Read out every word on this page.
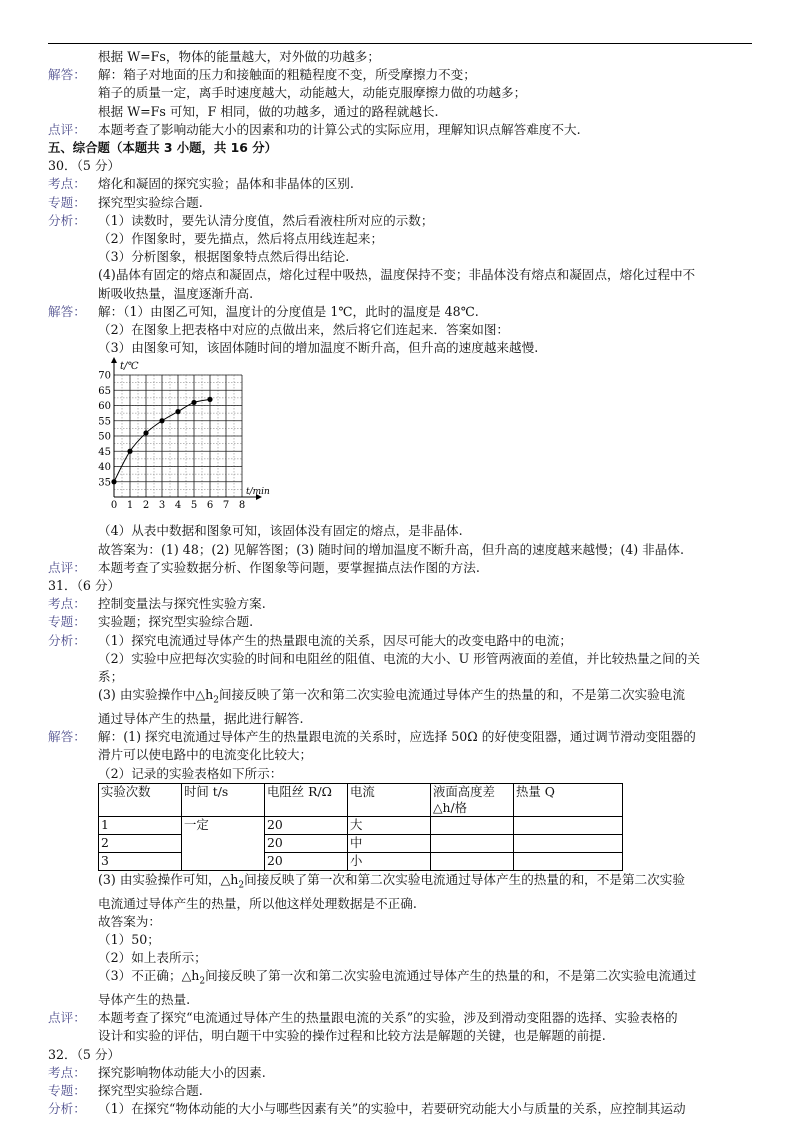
根据 W=Fs，物体的能量越大，对外做的功越多；
解答： 解：箱子对地面的压力和接触面的粗糙程度不变，所受摩擦力不变；
箱子的质量一定，离手时速度越大，动能越大，动能克服摩擦力做的功越多；
根据 W=Fs 可知，F 相同，做的功越多，通过的路程就越长.
点评： 本题考查了影响动能大小的因素和功的计算公式的实际应用，理解知识点解答难度不大.
五、综合题（本题共 3 小题，共 16 分）
30．（5 分）
考点： 熔化和凝固的探究实验；晶体和非晶体的区别.
专题： 探究型实验综合题.
分析： （1）读数时，要先认清分度值，然后看液柱所对应的示数；
（2）作图象时，要先描点，然后将点用线连起来；
（3）分析图象，根据图象特点然后得出结论.
(4)晶体有固定的熔点和凝固点，熔化过程中吸热，温度保持不变；非晶体没有熔点和凝固点，熔化过程中不
断吸收热量，温度逐渐升高.
解答： 解：（1）由图乙可知，温度计的分度值是 1℃，此时的温度是 48℃.
（2）在图象上把表格中对应的点做出来，然后将它们连起来．答案如图：
（3）由图象可知，该固体随时间的增加温度不断升高，但升高的速度越来越慢.
0 1 2 3 4 5 6 7 8
35
40
45
50
55
60
65
70
t/℃
t/min
（4）从表中数据和图象可知，该固体没有固定的熔点，是非晶体.
故答案为：(1) 48；(2) 见解答图；(3) 随时间的增加温度不断升高，但升高的速度越来越慢；(4) 非晶体.
点评： 本题考查了实验数据分析、作图象等问题，要掌握描点法作图的方法.
31．（6 分）
考点： 控制变量法与探究性实验方案.
专题： 实验题；探究型实验综合题.
分析： （1）探究电流通过导体产生的热量跟电流的关系，因尽可能大的改变电路中的电流；
（2）实验中应把每次实验的时间和电阻丝的阻值、电流的大小、U 形管两液面的差值，并比较热量之间的关
系；
(3) 由实验操作中$\triangle h_2$间接反映了第一次和第二次实验电流通过导体产生的热量的和，不是第二次实验电流
通过导体产生的热量，据此进行解答.
解答： 解：(1) 探究电流通过导体产生的热量跟电流的关系时，应选择 50Ω 的好使变阻器，通过调节滑动变阻器的
滑片可以使电路中的电流变化比较大；
（2）记录的实验表格如下所示：
实验次数	时间 t/s	电阻丝 R/Ω	电流	液面高度差△h/格	热量 Q
1	一定	20	大		
2		20	中		
3		20	小		
(3) 由实验操作可知，$\triangle h_2$间接反映了第一次和第二次实验电流通过导体产生的热量的和，不是第二次实验
电流通过导体产生的热量，所以他这样处理数据是不正确.
故答案为：
（1）50；
（2）如上表所示；
（3）不正确；$\triangle h_2$间接反映了第一次和第二次实验电流通过导体产生的热量的和，不是第二次实验电流通过
导体产生的热量.
点评： 本题考查了探究“电流通过导体产生的热量跟电流的关系”的实验，涉及到滑动变阻器的选择、实验表格的
设计和实验的评估，明白题干中实验的操作过程和比较方法是解题的关键，也是解题的前提.
32．（5 分）
考点： 探究影响物体动能大小的因素.
专题： 探究型实验综合题.
分析： （1）在探究“物体动能的大小与哪些因素有关”的实验中，若要研究动能大小与质量的关系，应控制其运动
